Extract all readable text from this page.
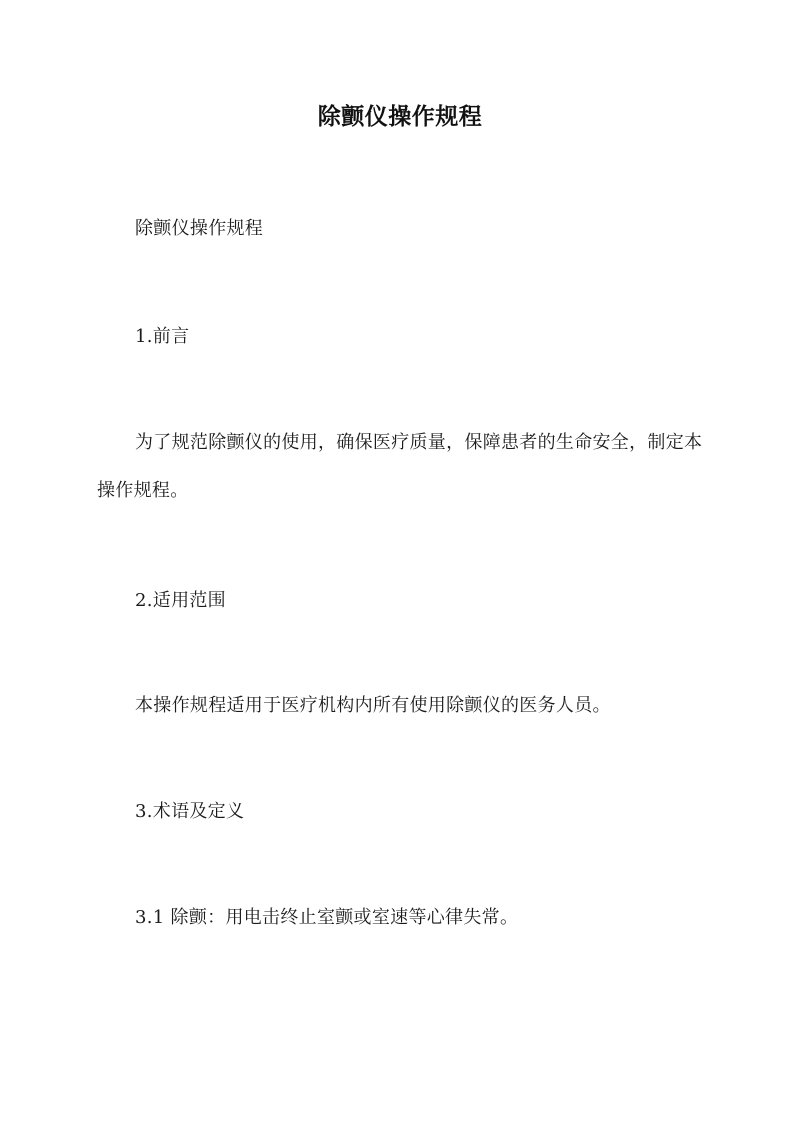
除颤仪操作规程
除颤仪操作规程
1.前言
为了规范除颤仪的使用，确保医疗质量，保障患者的生命安全，制定本操作规程。
2.适用范围
本操作规程适用于医疗机构内所有使用除颤仪的医务人员。
3.术语及定义
3.1 除颤：用电击终止室颤或室速等心律失常。
